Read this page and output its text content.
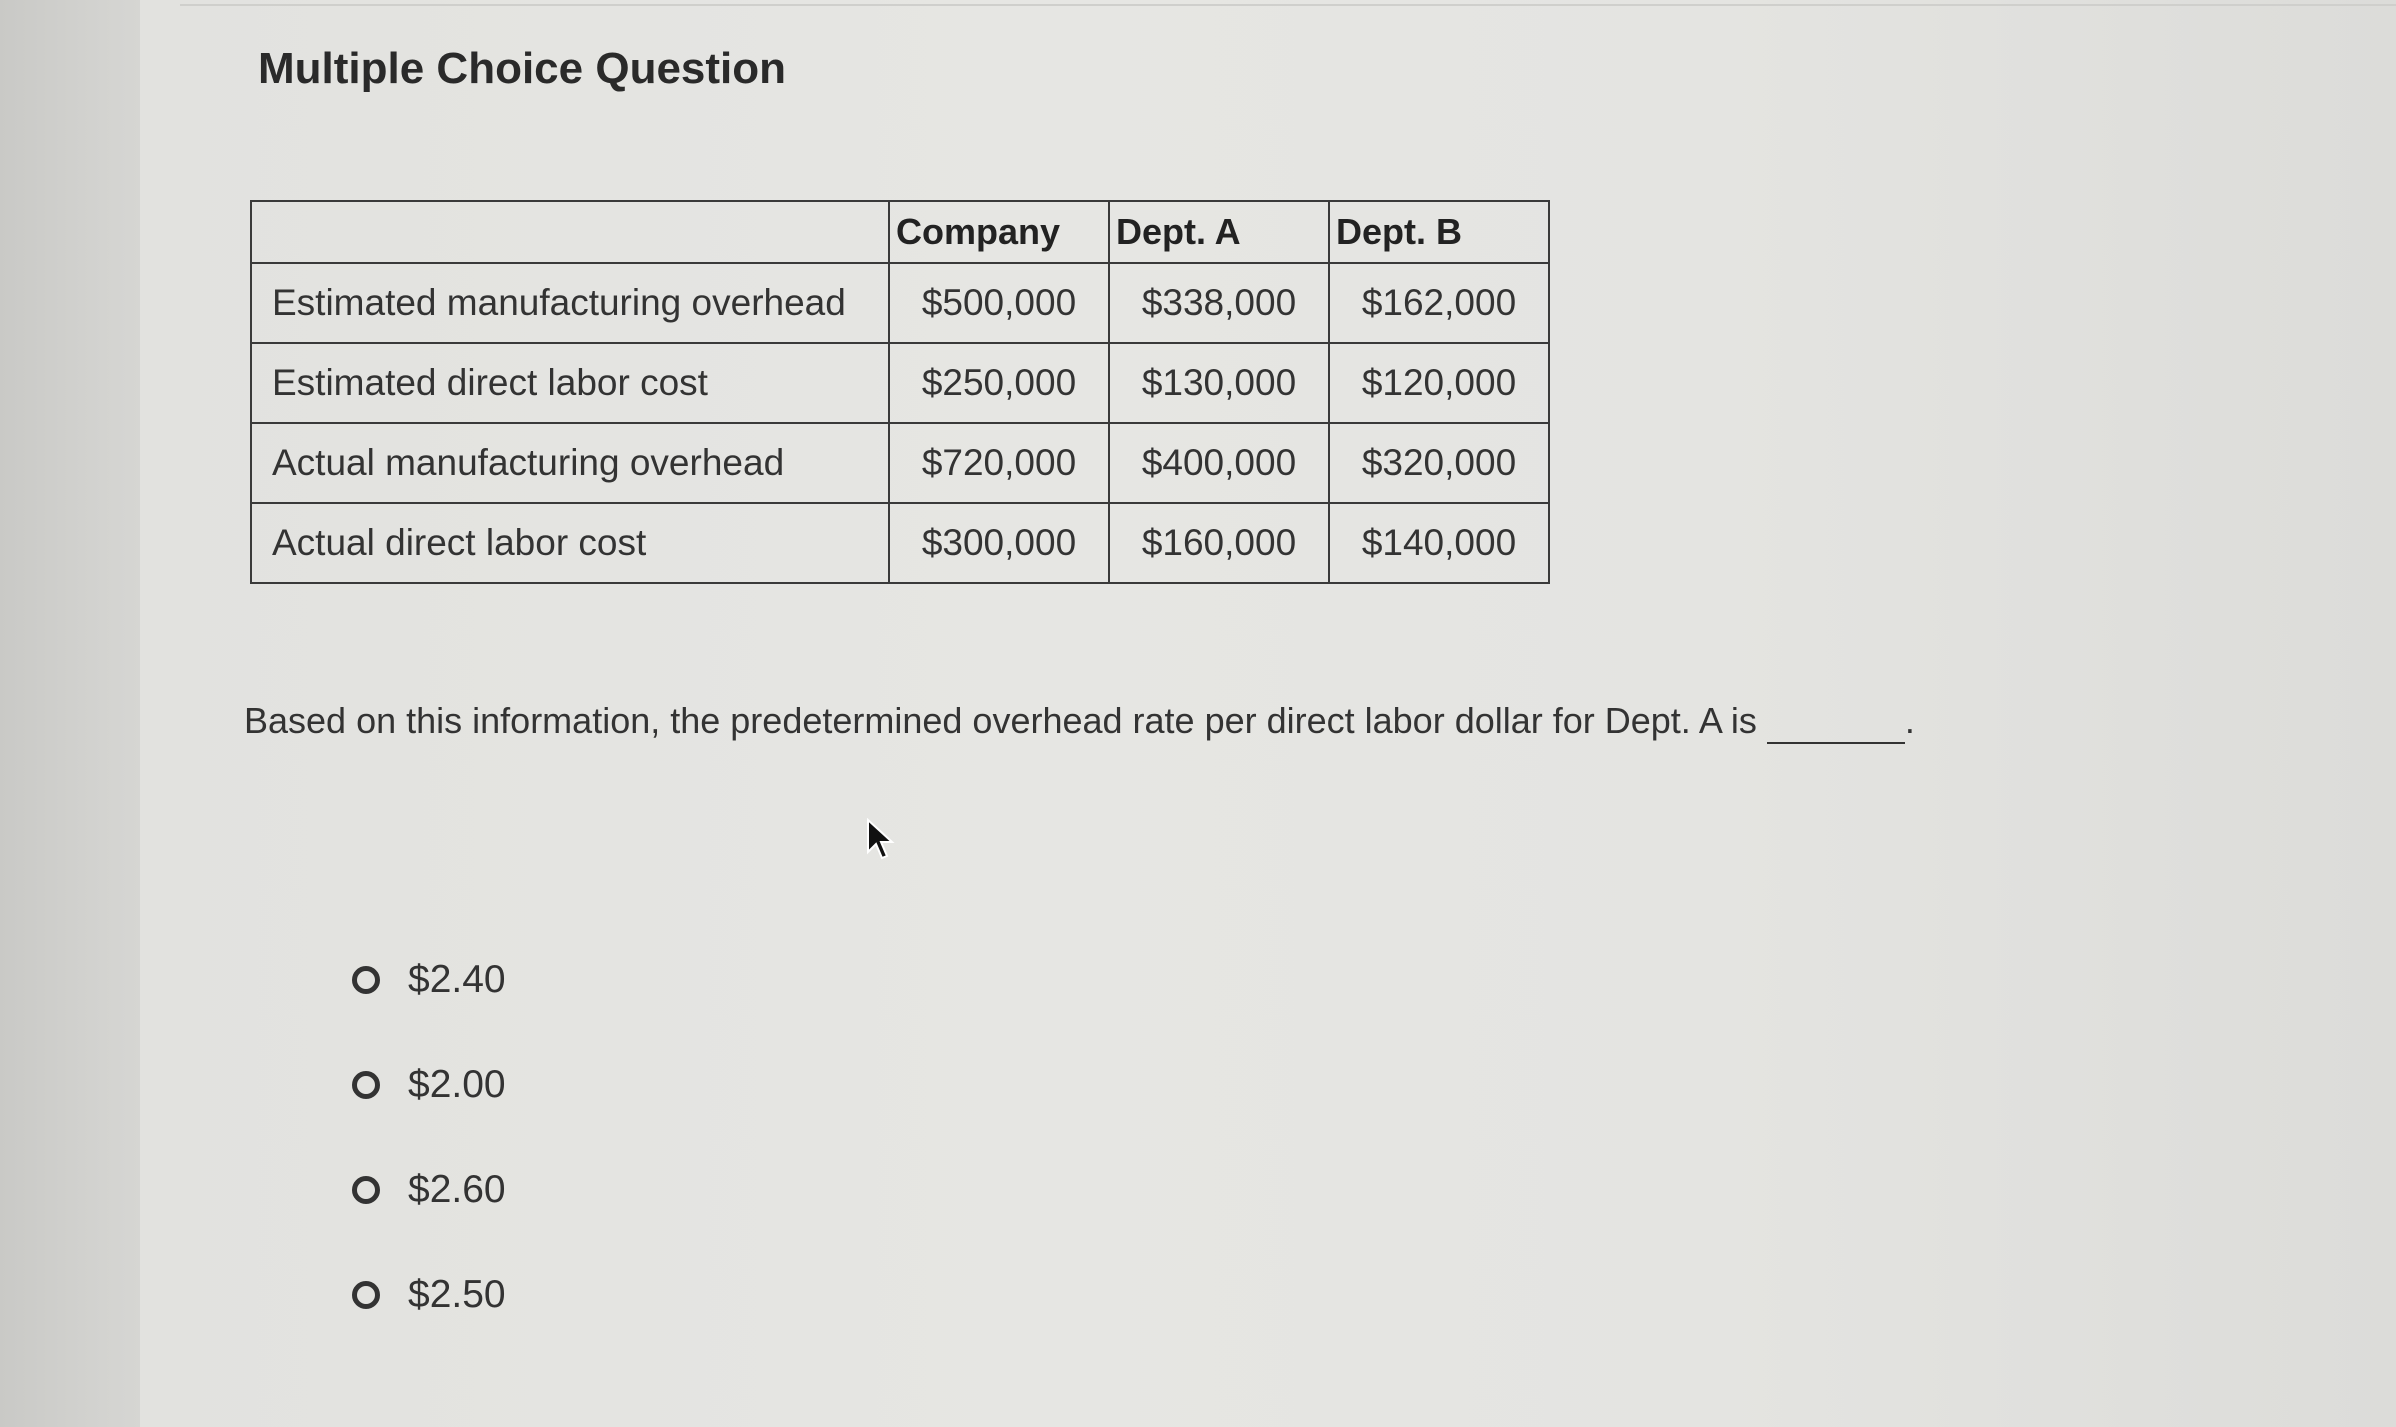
Multiple Choice Question
	Company	Dept. A	Dept. B
Estimated manufacturing overhead	$500,000	$338,000	$162,000
Estimated direct labor cost	$250,000	$130,000	$120,000
Actual manufacturing overhead	$720,000	$400,000	$320,000
Actual direct labor cost	$300,000	$160,000	$140,000
Based on this information, the predetermined overhead rate per direct labor dollar for Dept. A is	.
$2.40
$2.00
$2.60
$2.50
